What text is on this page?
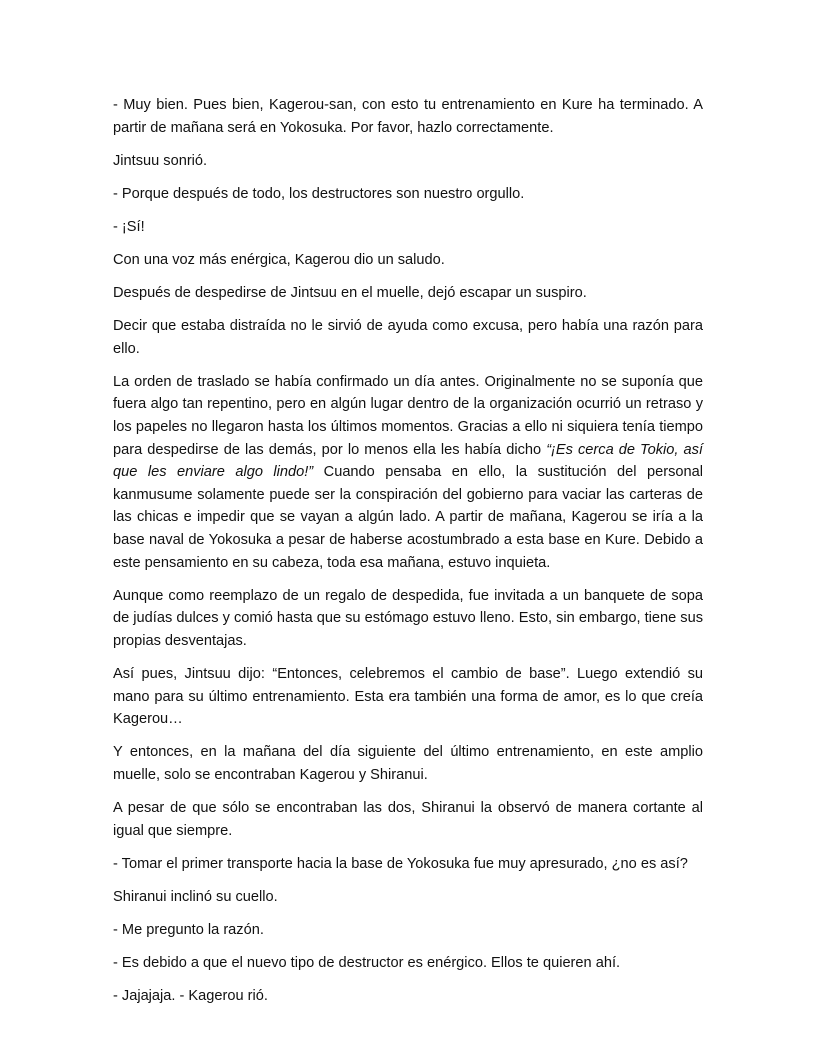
- Muy bien. Pues bien, Kagerou-san, con esto tu entrenamiento en Kure ha terminado. A partir de mañana será en Yokosuka. Por favor, hazlo correctamente.

Jintsuu sonrió.

- Porque después de todo, los destructores son nuestro orgullo.

- ¡Sí!

Con una voz más enérgica, Kagerou dio un saludo.

Después de despedirse de Jintsuu en el muelle, dejó escapar un suspiro.

Decir que estaba distraída no le sirvió de ayuda como excusa, pero había una razón para ello.

La orden de traslado se había confirmado un día antes. Originalmente no se suponía que fuera algo tan repentino, pero en algún lugar dentro de la organización ocurrió un retraso y los papeles no llegaron hasta los últimos momentos. Gracias a ello ni siquiera tenía tiempo para despedirse de las demás, por lo menos ella les había dicho “¡Es cerca de Tokio, así que les enviare algo lindo!” Cuando pensaba en ello, la sustitución del personal kanmusume solamente puede ser la conspiración del gobierno para vaciar las carteras de las chicas e impedir que se vayan a algún lado. A partir de mañana, Kagerou se iría a la base naval de Yokosuka a pesar de haberse acostumbrado a esta base en Kure. Debido a este pensamiento en su cabeza, toda esa mañana, estuvo inquieta.

Aunque como reemplazo de un regalo de despedida, fue invitada a un banquete de sopa de judías dulces y comió hasta que su estómago estuvo lleno. Esto, sin embargo, tiene sus propias desventajas.

Así pues, Jintsuu dijo: “Entonces, celebremos el cambio de base”. Luego extendió su mano para su último entrenamiento. Esta era también una forma de amor, es lo que creía Kagerou…

Y entonces, en la mañana del día siguiente del último entrenamiento, en este amplio muelle, solo se encontraban Kagerou y Shiranui.

A pesar de que sólo se encontraban las dos, Shiranui la observó de manera cortante al igual que siempre.

- Tomar el primer transporte hacia la base de Yokosuka fue muy apresurado, ¿no es así?

Shiranui inclinó su cuello.

- Me pregunto la razón.

- Es debido a que el nuevo tipo de destructor es enérgico. Ellos te quieren ahí.

- Jajajaja. - Kagerou rió.
